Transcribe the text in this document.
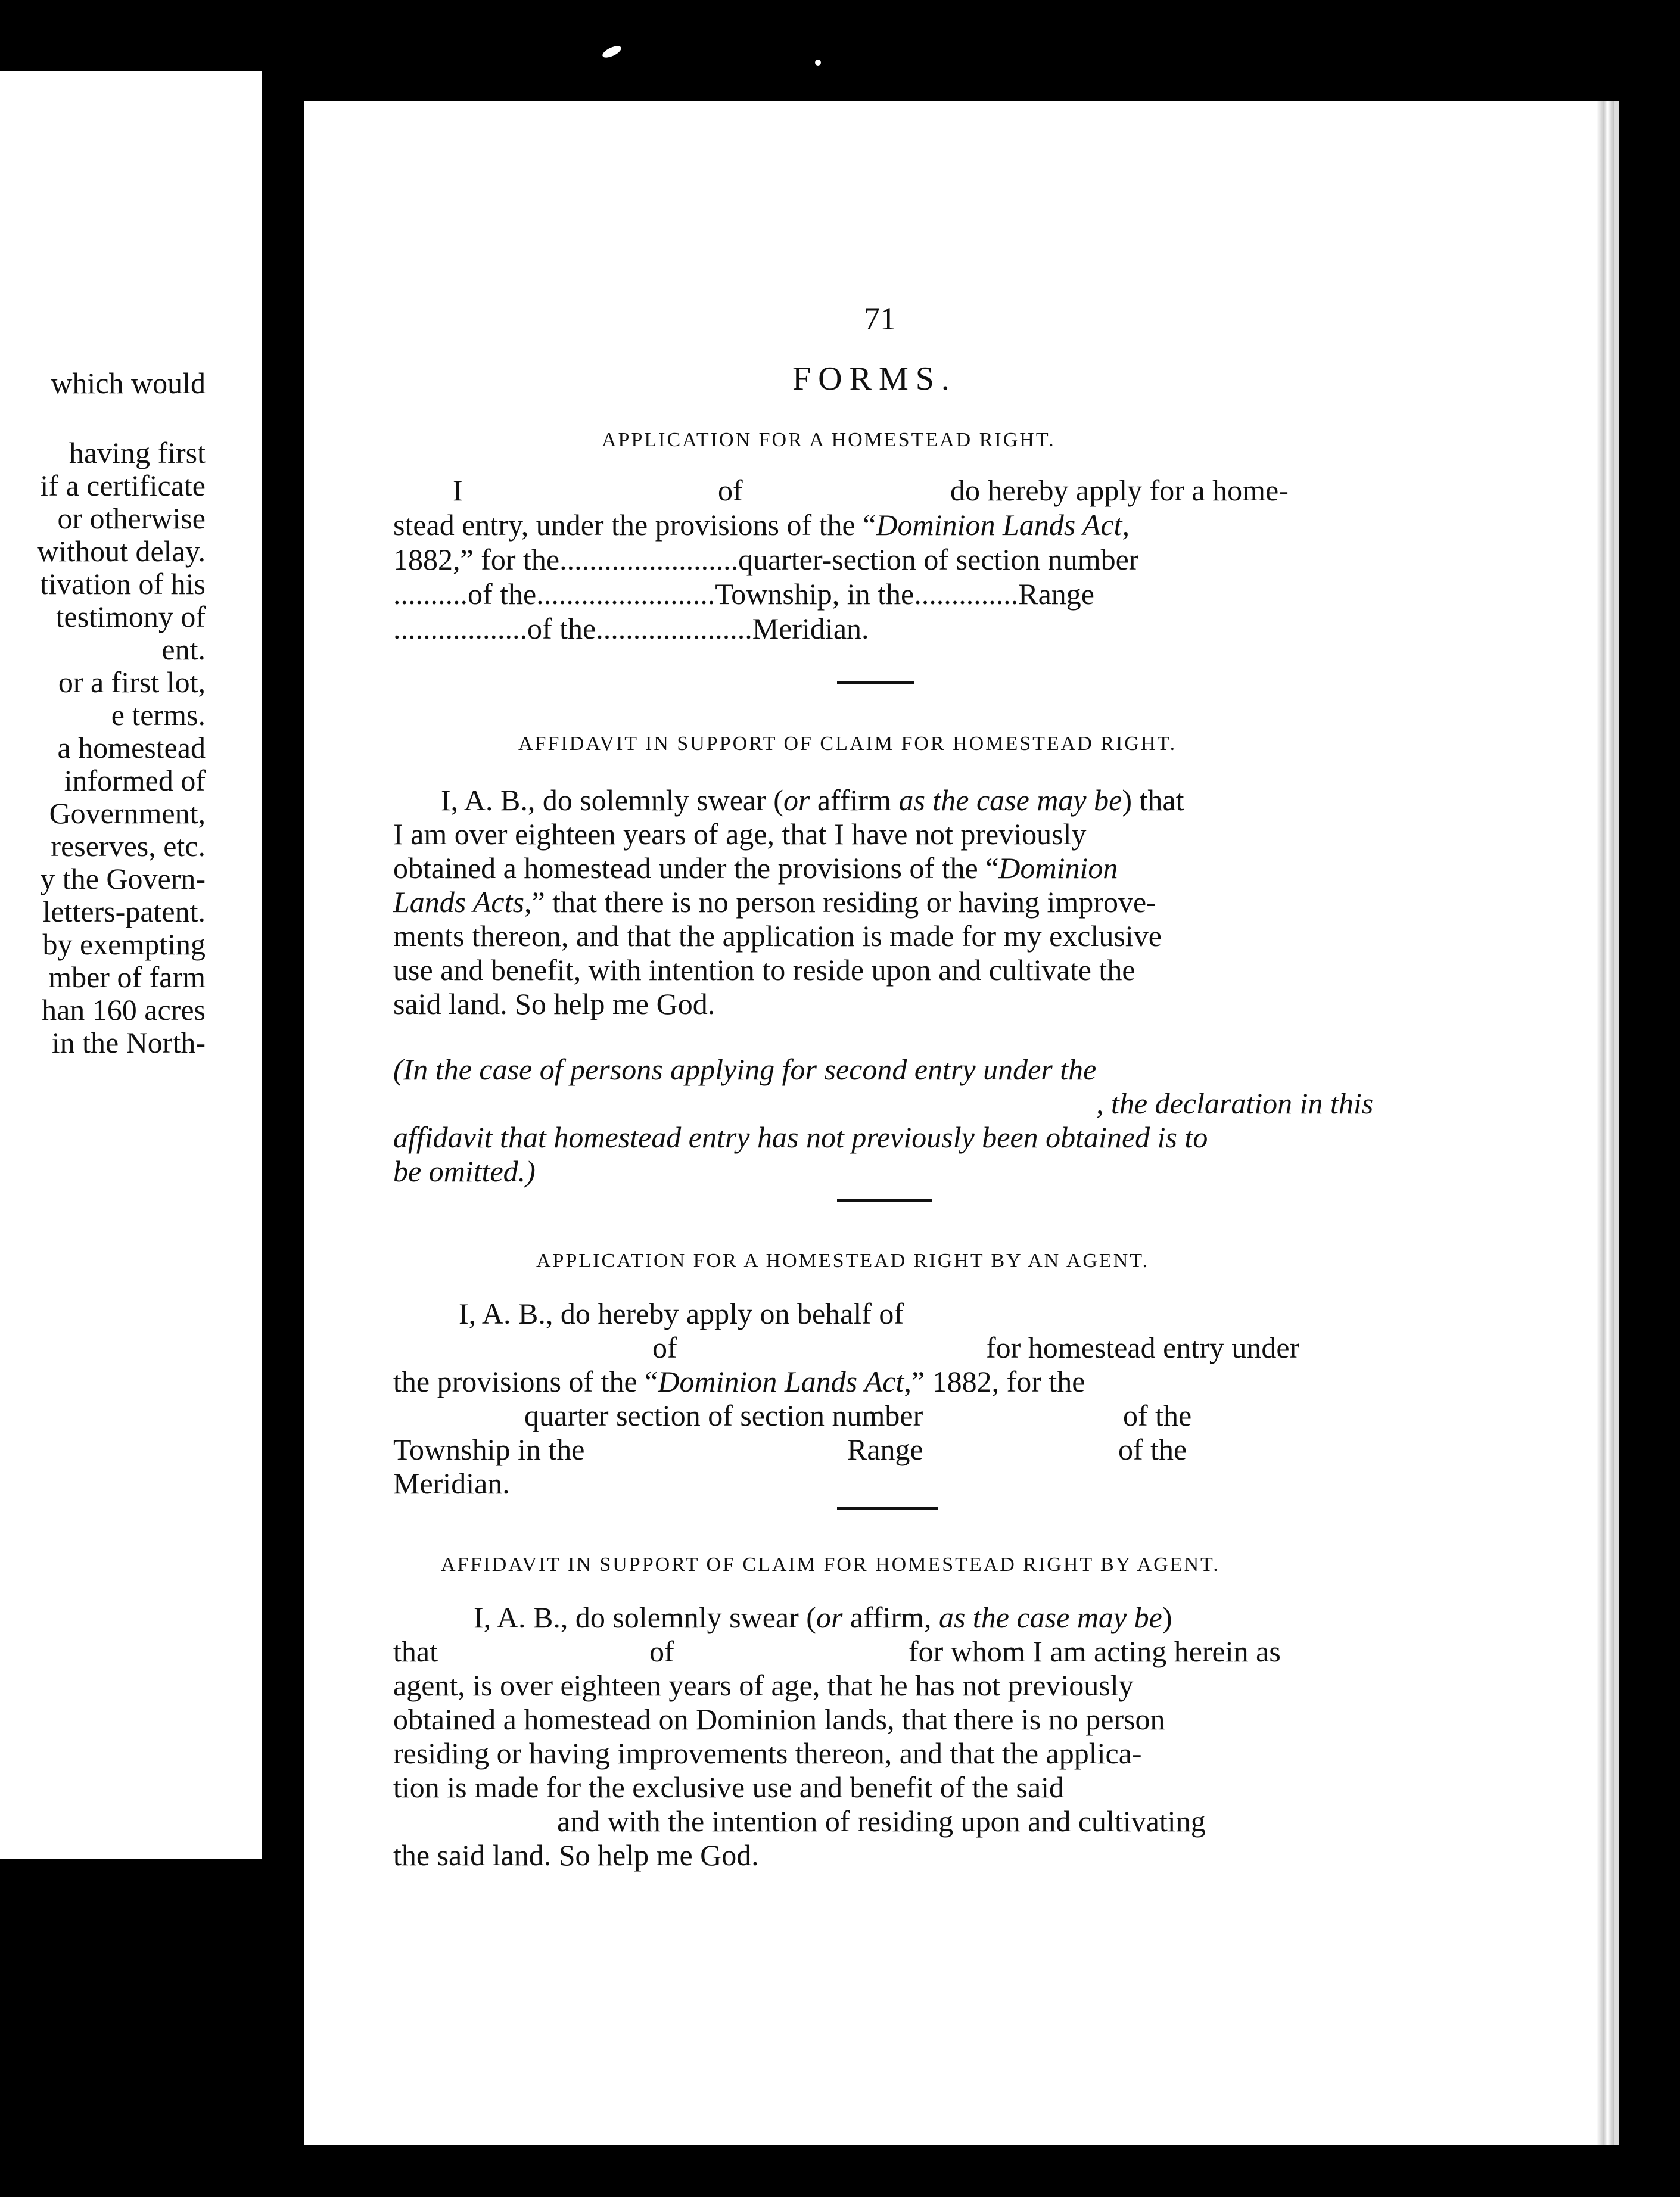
which would
having first
if a certificate
or otherwise
without delay.
tivation of his
testimony of
ent.
or a first lot,
e terms.
a homestead
informed of
Government,
reserves, etc.
y the Govern-
letters-patent.
by exempting
mber of farm
han 160 acres
in the North-
71
FORMS.
APPLICATION FOR A HOMESTEAD RIGHT.
I	of	do hereby apply for a home-
stead entry, under the provisions of the “Dominion Lands Act,
1882,” for the........................quarter-section of section number
..........of the........................Township, in the..............Range
..................of the.....................Meridian.
AFFIDAVIT IN SUPPORT OF CLAIM FOR HOMESTEAD RIGHT.
I, A. B., do solemnly swear (or affirm as the case may be) that
I am over eighteen years of age, that I have not previously
obtained a homestead under the provisions of the “Dominion
Lands Acts,” that there is no person residing or having improve-
ments thereon, and that the application is made for my exclusive
use and benefit, with intention to reside upon and cultivate the
said land. So help me God.
(In the case of persons applying for second entry under the
, the declaration in this
affidavit that homestead entry has not previously been obtained is to
be omitted.)
APPLICATION FOR A HOMESTEAD RIGHT BY AN AGENT.
I, A. B., do hereby apply on behalf of
of	for homestead entry under
the provisions of the “Dominion Lands Act,” 1882, for the
quarter section of section number	of the
Township in the	Range	of the
Meridian.
AFFIDAVIT IN SUPPORT OF CLAIM FOR HOMESTEAD RIGHT BY AGENT.
I, A. B., do solemnly swear (or affirm, as the case may be)
that	of	for whom I am acting herein as
agent, is over eighteen years of age, that he has not previously
obtained a homestead on Dominion lands, that there is no person
residing or having improvements thereon, and that the applica-
tion is made for the exclusive use and benefit of the said
and with the intention of residing upon and cultivating
the said land. So help me God.
